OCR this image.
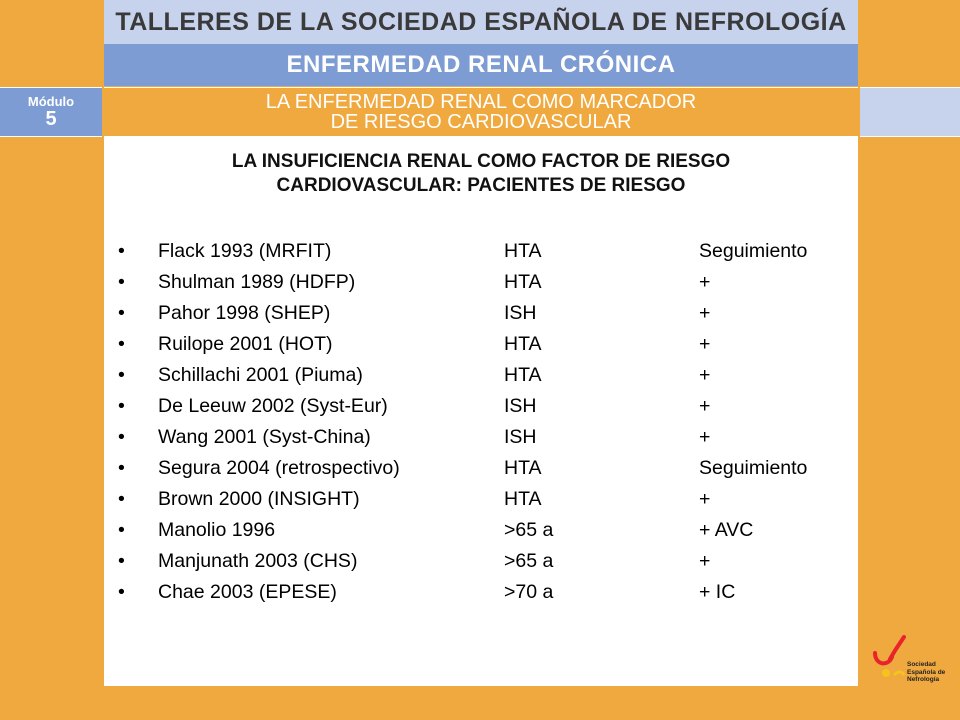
TALLERES DE LA SOCIEDAD ESPAÑOLA DE NEFROLOGÍA
ENFERMEDAD RENAL CRÓNICA
Módulo
5
LA ENFERMEDAD RENAL COMO MARCADOR
DE RIESGO CARDIOVASCULAR
LA INSUFICIENCIA RENAL COMO FACTOR DE RIESGO
CARDIOVASCULAR: PACIENTES DE RIESGO
• Flack 1993 (MRFIT)	HTA	Seguimiento
• Shulman 1989 (HDFP)	HTA	+
• Pahor 1998 (SHEP)	ISH	+
• Ruilope 2001 (HOT)	HTA	+
• Schillachi 2001 (Piuma)	HTA	+
• De Leeuw 2002 (Syst-Eur)	ISH	+
• Wang 2001 (Syst-China)	ISH	+
• Segura 2004 (retrospectivo)	HTA	Seguimiento
• Brown 2000 (INSIGHT)	HTA	+
• Manolio 1996	>65 a	+ AVC
• Manjunath 2003 (CHS)	>65 a	+
• Chae 2003 (EPESE)	>70 a	+ IC
Sociedad
Española de
Nefrología
